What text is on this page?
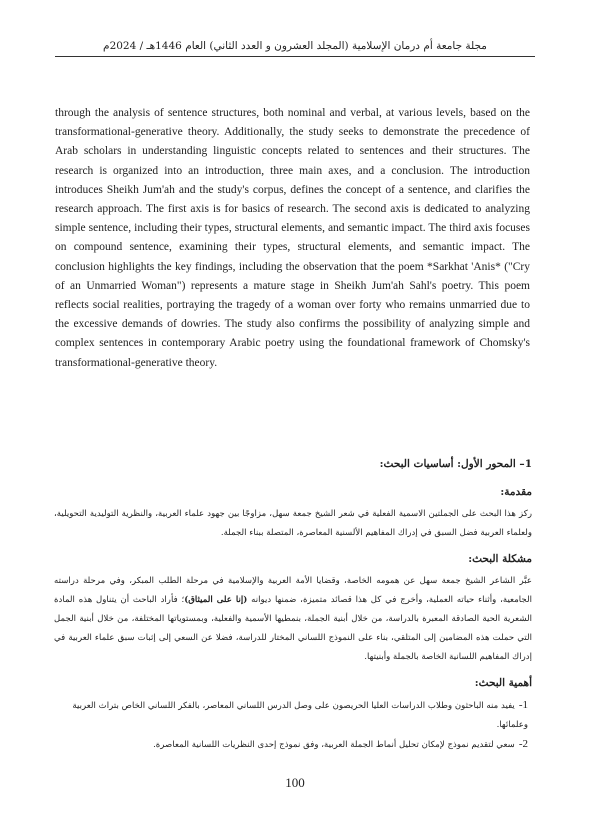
مجلة جامعة أم درمان الإسلامية (المجلد العشرون و العدد الثاني) العام 1446هـ / 2024م

through the analysis of sentence structures, both nominal and verbal, at various levels, based on the transformational-generative theory. Additionally, the study seeks to demonstrate the precedence of Arab scholars in understanding linguistic concepts related to sentences and their structures. The research is organized into an introduction, three main axes, and a conclusion. The introduction introduces Sheikh Jum'ah and the study's corpus, defines the concept of a sentence, and clarifies the research approach. The first axis is for basics of research. The second axis is dedicated to analyzing simple sentence, including their types, structural elements, and semantic impact. The third axis focuses on compound sentence, examining their types, structural elements, and semantic impact. The conclusion highlights the key findings, including the observation that the poem *Sarkhat 'Anis* ("Cry of an Unmarried Woman") represents a mature stage in Sheikh Jum'ah Sahl's poetry. This poem reflects social realities, portraying the tragedy of a woman over forty who remains unmarried due to the excessive demands of dowries. The study also confirms the possibility of analyzing simple and complex sentences in contemporary Arabic poetry using the foundational framework of Chomsky's transformational-generative theory.

1– المحور الأول: أساسيات البحث:
مقدمة:
ركز هذا البحث على الجملتين الاسمية الفعلية في شعر الشيخ جمعة سهل، مزاوجًا بين جهود علماء العربية، والنظرية التوليدية التحويلية، ولعلماء العربية فضل السبق في إدراك المفاهيم الألسنية المعاصرة، المتصلة ببناء الجملة.
مشكلة البحث:
عبَّر الشاعر الشيخ جمعة سهل عن همومه الخاصة، وقضايا الأمة العربية والإسلامية في مرحلة الطلب المبكر، وفي مرحلة دراسته الجامعية، وأثناء حياته العملية، وأخرج في كل هذا قصائد متميزة، ضمنها ديوانه (إنا على الميثاق)؛ فأراد الباحث أن يتناول هذه المادة الشعرية الحية الصادقة المعبرة بالدراسة، من خلال أبنية الجملة، بنمطيها الأسمية والفعلية، وبمستوياتها المختلفة، من خلال أبنية الجمل التي حملت هذه المضامين إلى المتلقي، بناء على النموذج اللساني المختار للدراسة، فضلا عن السعي إلى إثبات سبق علماء العربية في إدراك المفاهيم اللسانية الخاصة بالجملة وأبنيتها.
أهمية البحث:
1-يفيد منه الباحثون وطلاب الدراسات العليا الحريصون على وصل الدرس اللساني المعاصر، بالفكر اللساني الخاص بتراث العربية وعلمائها.
2-سعي لتقديم نموذج لإمكان تحليل أنماط الجملة العربية، وفق نموذج إحدى النظريات اللسانية المعاصرة.
100
